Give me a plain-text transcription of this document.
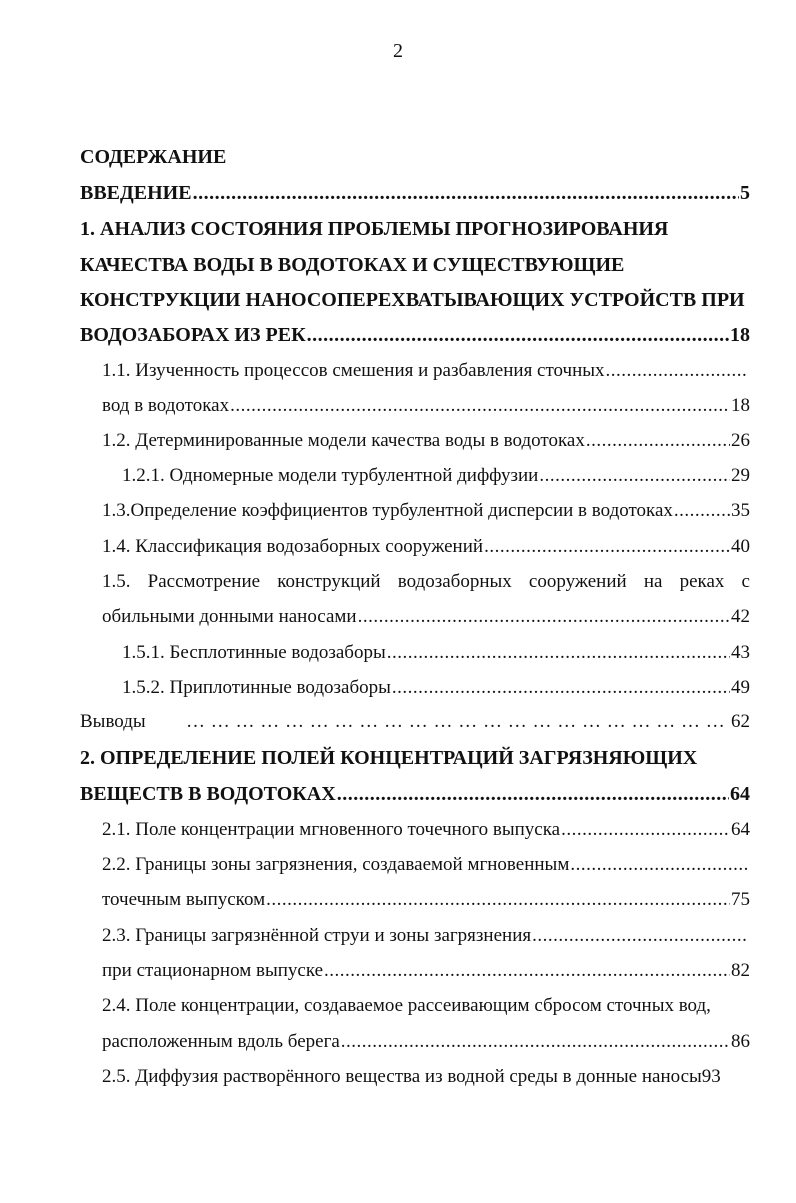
2
СОДЕРЖАНИЕ
ВВЕДЕНИЕ .....	5
1. АНАЛИЗ СОСТОЯНИЯ ПРОБЛЕМЫ ПРОГНОЗИРОВАНИЯ
КАЧЕСТВА ВОДЫ В ВОДОТОКАХ И СУЩЕСТВУЮЩИЕ
КОНСТРУКЦИИ НАНОСОПЕРЕХВАТЫВАЮЩИХ УСТРОЙСТВ ПРИ
ВОДОЗАБОРАХ ИЗ РЕК .....	18
1.1. Изученность процессов смешения и разбавления сточных
.....
вод в водотоках .....	18
1.2. Детерминированные модели качества воды в водотоках .....	26
1.2.1. Одномерные модели турбулентной диффузии .....	29
1.3.Определение коэффициентов турбулентной дисперсии в водотоках .....	35
1.4. Классификация водозаборных сооружений .....	40
1.5. Рассмотрение конструкций водозаборных сооружений на реках с
обильными донными наносами .....	42
1.5.1. Бесплотинные водозаборы .....	43
1.5.2. Приплотинные водозаборы .....	49
Выводы … … … … … … … … … … … … … … … … … … … … … … … … … … … … … … … … … … … … … … … … … … … … … … … … … … … … … … … … … … … … … …	62
2. ОПРЕДЕЛЕНИЕ ПОЛЕЙ КОНЦЕНТРАЦИЙ ЗАГРЯЗНЯЮЩИХ
ВЕЩЕСТВ В ВОДОТОКАХ .....	64
2.1. Поле концентрации мгновенного точечного выпуска .....	64
2.2. Границы зоны загрязнения, создаваемой мгновенным
.....
точечным выпуском .....	75
2.3. Границы загрязнённой струи и зоны загрязнения
.....
при стационарном выпуске .....	82
2.4. Поле концентрации, создаваемое рассеивающим сбросом сточных вод,
расположенным вдоль берега .....	86
2.5. Диффузия растворённого вещества из водной среды в донные наносы93
